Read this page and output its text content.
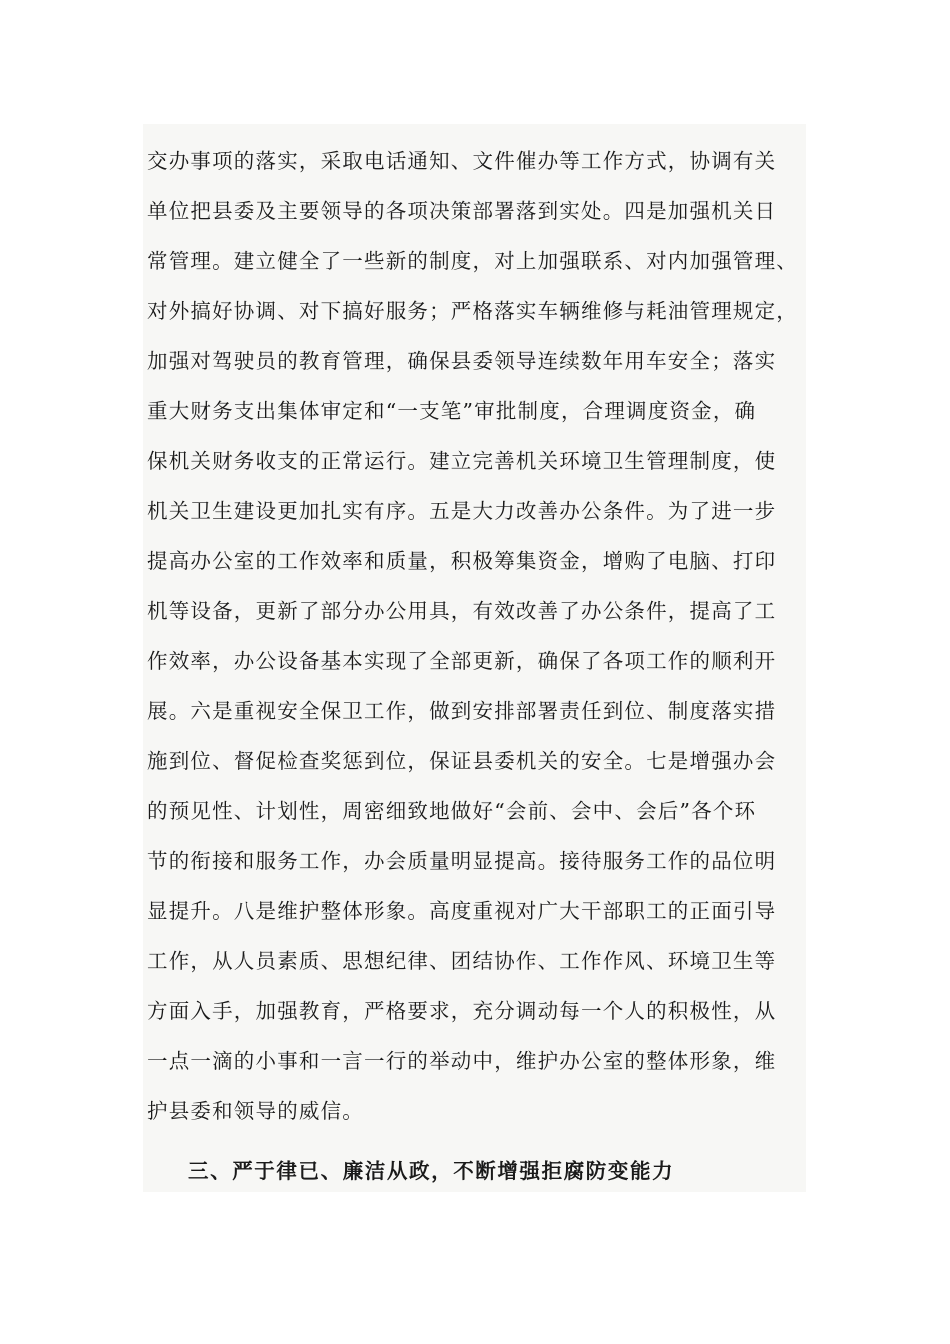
交办事项的落实，采取电话通知、文件催办等工作方式，协调有关
单位把县委及主要领导的各项决策部署落到实处。四是加强机关日
常管理。建立健全了一些新的制度，对上加强联系、对内加强管理、
对外搞好协调、对下搞好服务；严格落实车辆维修与耗油管理规定，
加强对驾驶员的教育管理，确保县委领导连续数年用车安全；落实
重大财务支出集体审定和“一支笔”审批制度，合理调度资金，确
保机关财务收支的正常运行。建立完善机关环境卫生管理制度，使
机关卫生建设更加扎实有序。五是大力改善办公条件。为了进一步
提高办公室的工作效率和质量，积极筹集资金，增购了电脑、打印
机等设备，更新了部分办公用具，有效改善了办公条件，提高了工
作效率，办公设备基本实现了全部更新，确保了各项工作的顺利开
展。六是重视安全保卫工作，做到安排部署责任到位、制度落实措
施到位、督促检查奖惩到位，保证县委机关的安全。七是增强办会
的预见性、计划性，周密细致地做好“会前、会中、会后”各个环
节的衔接和服务工作，办会质量明显提高。接待服务工作的品位明
显提升。八是维护整体形象。高度重视对广大干部职工的正面引导
工作，从人员素质、思想纪律、团结协作、工作作风、环境卫生等
方面入手，加强教育，严格要求，充分调动每一个人的积极性，从
一点一滴的小事和一言一行的举动中，维护办公室的整体形象，维
护县委和领导的威信。
三、严于律已、廉洁从政，不断增强拒腐防变能力
